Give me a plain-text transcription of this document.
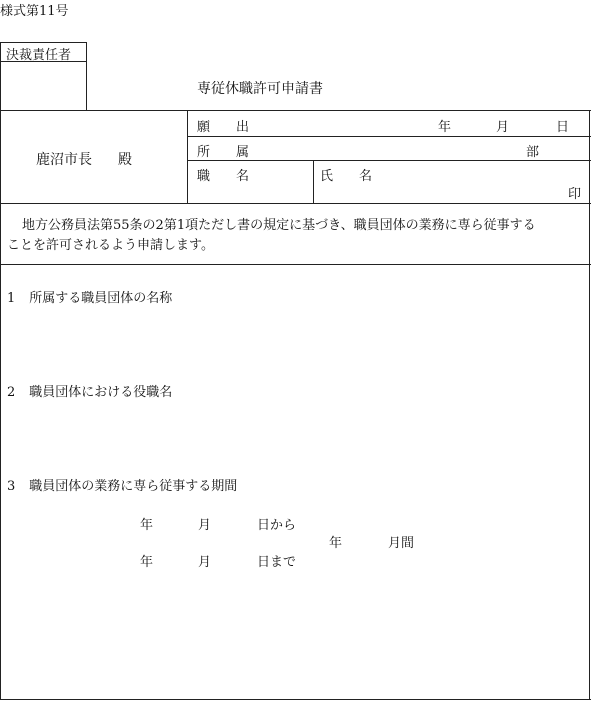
様式第11号
決裁責任者
専従休職許可申請書
鹿沼市長 殿
願　　出	年	月	日
所　　属	部
職　　名	氏　　名
印
地方公務員法第55条の2第1項ただし書の規定に基づき、職員団体の業務に専ら従事する
ことを許可されるよう申請します。
1 所属する職員団体の名称
2 職員団体における役職名
3 職員団体の業務に専ら従事する期間
年	月	日から
年	月間
年	月	日まで
